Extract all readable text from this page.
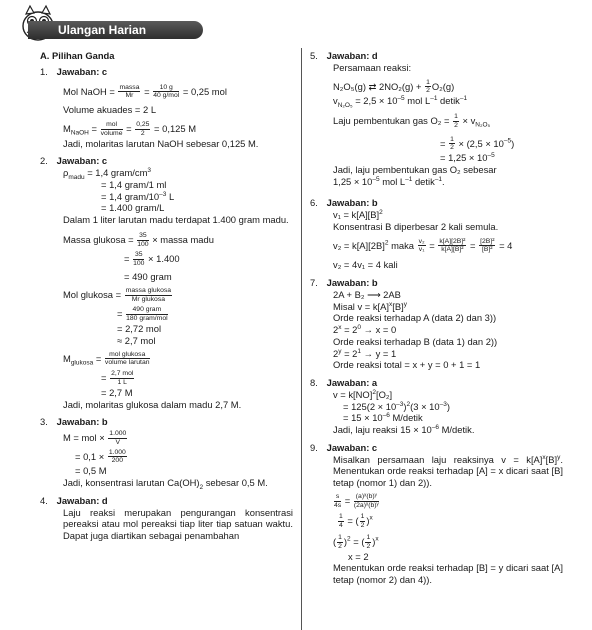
Ulangan Harian
A. Pilihan Ganda
1. Jawaban: c
Mol NaOH = $\frac{\text{massa}}{Mr} = \frac{10 g}{\text{40 g/mol}} = 0,25$ mol
Volume akuades = 2 L
$M_{NaOH} = \frac{\text{mol}}{\text{volume}} = \frac{0,25}{2} = 0,125$ M
Jadi, molaritas larutan NaOH sebesar 0,125 M.
2. Jawaban: c
$\rho_{madu} = 1,4$ gram/$cm^3$
= 1,4 gram/1 ml
= 1,4 gram/$10^{-3}$ L
= 1.400 gram/L
Dalam 1 liter larutan madu terdapat 1.400 gram madu.
Massa glukosa = $\frac{35}{100}$ × massa madu
= $\frac{35}{100} \times 1.400$
= 490 gram
Mol glukosa = $\frac{\text{massa glukosa}}{\text{Mr glukosa}}$
= $\frac{\text{490 gram}}{\text{180 gram/mol}}$
= 2,72 mol
≈ 2,7 mol
$M_{glukosa} = \frac{\text{mol glukosa}}{\text{volume larutan}}$
= $\frac{\text{2,7 mol}}{1 L}$
= 2,7 M
Jadi, molaritas glukosa dalam madu 2,7 M.
3. Jawaban: b
M = mol × $\frac{1.000}{V}$
= $0,1 \times \frac{1.000}{200}$
= 0,5 M
Jadi, konsentrasi larutan $Ca(OH)_2$ sebesar 0,5 M.
4. Jawaban: d
Laju reaksi merupakan pengurangan konsentrasi pereaksi atau mol pereaksi tiap liter tiap satuan waktu. Dapat juga diartikan sebagai penambahan
5. Jawaban: d
Persamaan reaksi:
N₂O₅(g) ⇄ $2NO_2(g) + \frac{1}{2} O_2(g)$
$v_{N_2O_5} = 2,5 \times 10^{-5}$ mol $L^{-1}$ detik$^{-1}$
Laju pembentukan gas $O_2 = \frac{1}{2} \times v_{N_2O_5}$
= $\frac{1}{2} \times (2,5 \times 10^{-5})$
= $1,25 \times 10^{-5}$
Jadi, laju pembentukan gas O₂ sebesar
$1,25 \times 10^{-5}$ mol $L^{-1}$ detik$^{-1}$.
6. Jawaban: b
$v_1 = k[A][B]^2$
Konsentrasi B diperbesar 2 kali semula.
$v_2 = k[A][2B]^2$ maka $\frac{\text{v₂}}{\text{v₁}} = \frac{\text{k[A][2B]²}}{\text{k[A][B]²}} = \frac{\text{[2B]²}}{\text{[B]²}} = 4$
v₂ = 4v₁ = 4 kali
7. Jawaban: b
2A + B₂ ⟶ 2AB
Misal $v = k[A]^x[B]^y$
Orde reaksi terhadap A (data 2) dan 3))
$2^x = 2^0 \to x = 0$
Orde reaksi terhadap B (data 1) dan 2))
$2^y = 2^1 \to y = 1$
Orde reaksi total = x + y = 0 + 1 = 1
8. Jawaban: a
v = k[NO]$^2$[O₂]
= $125(2 \times 10^{-3})^2(3 \times 10^{-3})$
= $15 \times 10^{-6}$ M/detik
Jadi, laju reaksi $15 \times 10^{-6}$ M/detik.
9. Jawaban: c
Misalkan persamaan laju reaksinya $v = k[A]^x[B]^y$. Menentukan orde reaksi terhadap [A] = x dicari saat [B] tetap (nomor 1) dan 2)).
$\frac{s}{4s} = \frac{\text{(a)ˣ(b)ʸ}}{\text{(2a)ˣ(b)ʸ}}$
$\frac{1}{4}$ = ( $\frac{1}{2} )^x$
( $\frac{1}{2} )^2$ = ( $\frac{1}{2} )^x$
x = 2
Menentukan orde reaksi terhadap [B] = y dicari saat [A] tetap (nomor 2) dan 4)).
